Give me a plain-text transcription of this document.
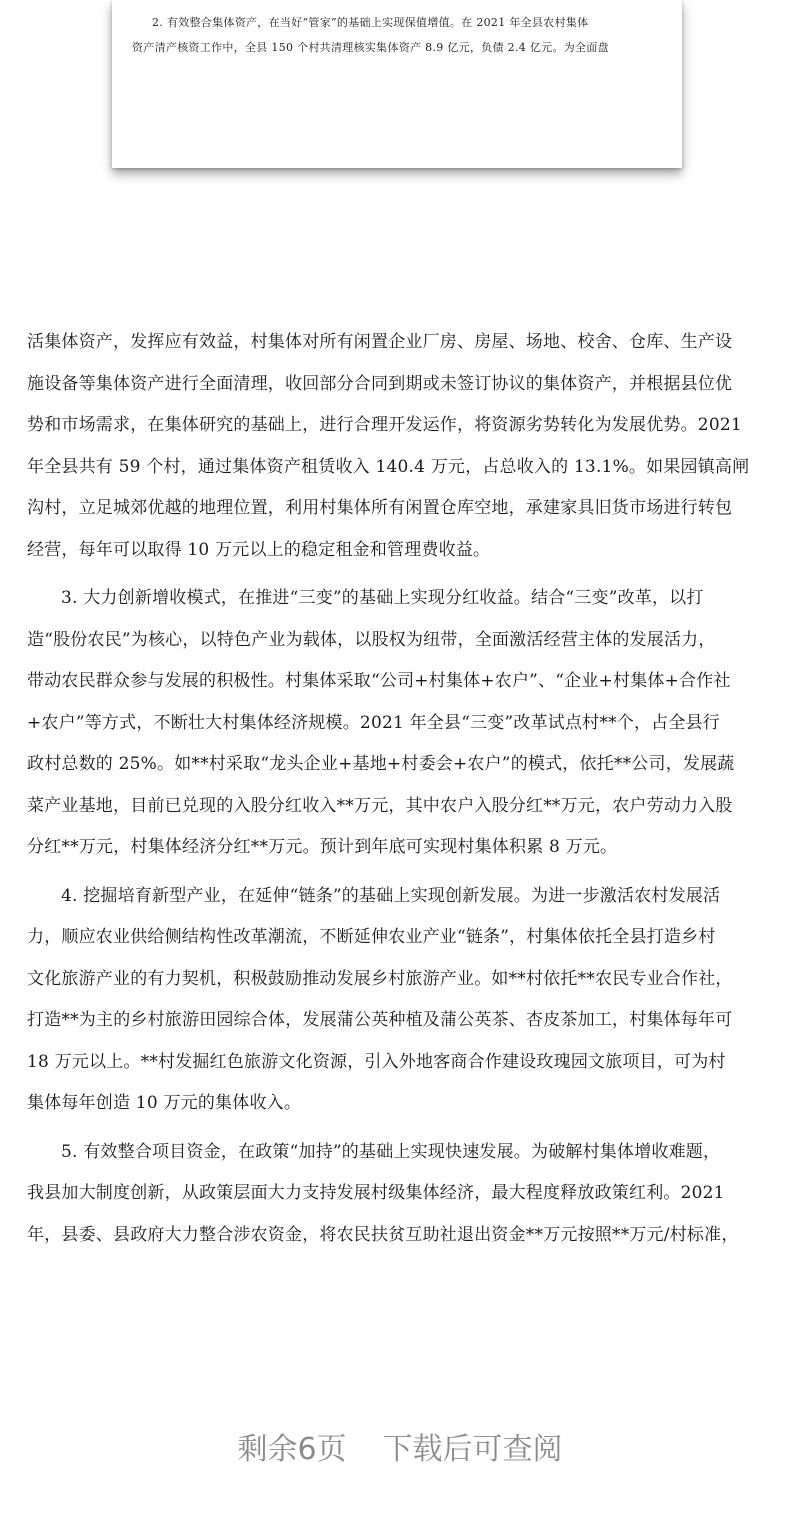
2. 有效整合集体资产，在当好“管家”的基础上实现保值增值。在 2021 年全县农村集体
资产清产核资工作中，全县 150 个村共清理核实集体资产 8.9 亿元，负债 2.4 亿元。为全面盘
活集体资产，发挥应有效益，村集体对所有闲置企业厂房、房屋、场地、校舍、仓库、生产设
施设备等集体资产进行全面清理，收回部分合同到期或未签订协议的集体资产，并根据县位优
势和市场需求，在集体研究的基础上，进行合理开发运作，将资源劣势转化为发展优势。2021
年全县共有 59 个村，通过集体资产租赁收入 140.4 万元，占总收入的 13.1%。如果园镇高闸
沟村，立足城郊优越的地理位置，利用村集体所有闲置仓库空地，承建家具旧货市场进行转包
经营，每年可以取得 10 万元以上的稳定租金和管理费收益。
3. 大力创新增收模式，在推进“三变”的基础上实现分红收益。结合“三变”改革，以打
造“股份农民”为核心，以特色产业为载体，以股权为纽带，全面激活经营主体的发展活力，
带动农民群众参与发展的积极性。村集体采取“公司+村集体+农户”、“企业+村集体+合作社
+农户”等方式，不断壮大村集体经济规模。2021 年全县“三变”改革试点村**个，占全县行
政村总数的 25%。如**村采取“龙头企业+基地+村委会+农户”的模式，依托**公司，发展蔬
菜产业基地，目前已兑现的入股分红收入**万元，其中农户入股分红**万元，农户劳动力入股
分红**万元，村集体经济分红**万元。预计到年底可实现村集体积累 8 万元。
4. 挖掘培育新型产业，在延伸“链条”的基础上实现创新发展。为进一步激活农村发展活
力，顺应农业供给侧结构性改革潮流，不断延伸农业产业“链条”，村集体依托全县打造乡村
文化旅游产业的有力契机，积极鼓励推动发展乡村旅游产业。如**村依托**农民专业合作社，
打造**为主的乡村旅游田园综合体，发展蒲公英种植及蒲公英茶、杏皮茶加工，村集体每年可
18 万元以上。**村发掘红色旅游文化资源，引入外地客商合作建设玫瑰园文旅项目，可为村
集体每年创造 10 万元的集体收入。
5. 有效整合项目资金，在政策“加持”的基础上实现快速发展。为破解村集体增收难题，
我县加大制度创新，从政策层面大力支持发展村级集体经济，最大程度释放政策红利。2021
年，县委、县政府大力整合涉农资金，将农民扶贫互助社退出资金**万元按照**万元/村标准，
剩余6页 下载后可查阅
